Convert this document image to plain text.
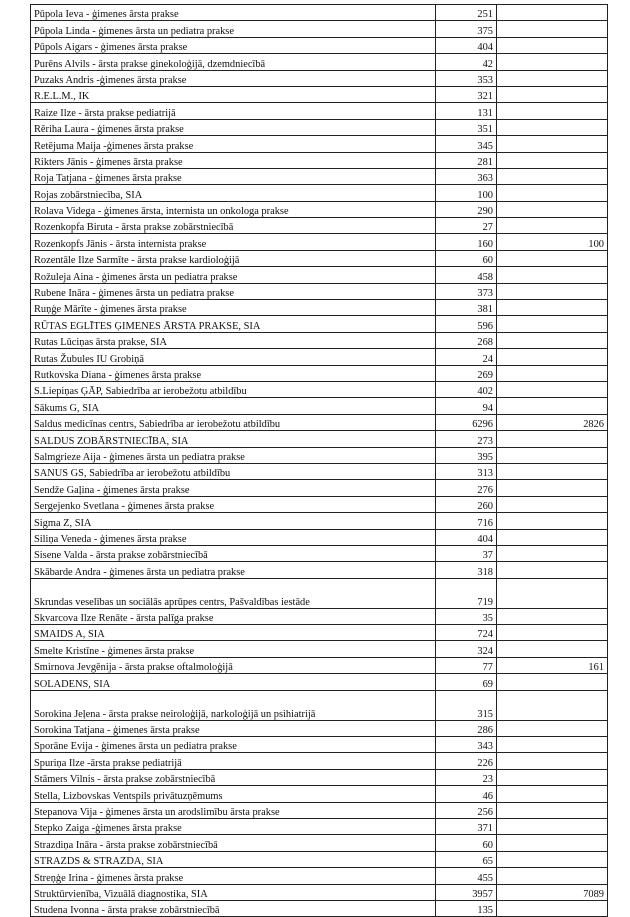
Pūpola Ieva - ģimenes ārsta prakse	251	
Pūpola Linda - ģimenes ārsta un pediatra prakse	375	
Pūpols Aigars - ģimenes ārsta prakse	404	
Purēns Alvils - ārsta prakse ginekoloģijā, dzemdniecībā	42	
Puzaks Andris -ģimenes ārsta prakse	353	
R.E.L.M., IK	321	
Raize Ilze - ārsta prakse pediatrijā	131	
Rēriha Laura - ģimenes ārsta prakse	351	
Retējuma Maija -ģimenes ārsta prakse	345	
Rikters Jānis - ģimenes ārsta prakse	281	
Roja Tatjana - ģimenes ārsta prakse	363	
Rojas zobārstniecība, SIA	100	
Rolava Videga - ģimenes ārsta, internista un onkologa prakse	290	
Rozenkopfa Biruta - ārsta prakse zobārstniecībā	27	
Rozenkopfs Jānis - ārsta internista prakse	160	100
Rozentāle Ilze Sarmīte - ārsta prakse kardioloģijā	60	
Rožuleja Aina - ģimenes ārsta un pediatra prakse	458	
Rubene Ināra - ģimenes ārsta un pediatra prakse	373	
Ruņģe Mārīte - ģimenes ārsta prakse	381	
RŪTAS EGLĪTES ĢIMENES ĀRSTA PRAKSE, SIA	596	
Rutas Lūciņas ārsta prakse, SIA	268	
Rutas Žubules IU Grobiņā	24	
Rutkovska Diana - ģimenes ārsta prakse	269	
S.Liepiņas ĢĀP, Sabiedrība ar ierobežotu atbildību	402	
Sākums G, SIA	94	
Saldus medicīnas centrs, Sabiedrība ar ierobežotu atbildību	6296	2826
SALDUS ZOBĀRSTNIECĪBA, SIA	273	
Salmgrieze Aija - ģimenes ārsta un pediatra prakse	395	
SANUS GS, Sabiedrība ar ierobežotu atbildību	313	
Sendže Gaļina - ģimenes ārsta prakse	276	
Sergejenko Svetlana - ģimenes ārsta prakse	260	
Sigma Z, SIA	716	
Siliņa Veneda - ģimenes ārsta prakse	404	
Sisene Valda - ārsta prakse zobārstniecībā	37	
Skābarde Andra - ģimenes ārsta un pediatra prakse	318	
Skrundas veselības un sociālās aprūpes centrs, Pašvaldības iestāde	719	
Skvarcova Ilze Renāte - ārsta palīga prakse	35	
SMAIDS A, SIA	724	
Smelte Kristīne - ģimenes ārsta prakse	324	
Smirnova Jevgēnija - ārsta prakse oftalmoloģijā	77	161
SOLADENS, SIA	69	
Sorokina Jeļena - ārsta prakse neiroloģijā, narkoloģijā un psihiatrijā	315	
Sorokina Tatjana - ģimenes ārsta prakse	286	
Sporāne Evija - ģimenes ārsta un pediatra prakse	343	
Spuriņa Ilze -ārsta prakse pediatrijā	226	
Stāmers Vilnis - ārsta prakse zobārstniecībā	23	
Stella, Lizbovskas Ventspils privātuzņēmums	46	
Stepanova Vija - ģimenes ārsta un arodslimību ārsta prakse	256	
Stepko Zaiga -ģimenes ārsta prakse	371	
Strazdiņa Ināra - ārsta prakse zobārstniecībā	60	
STRAZDS & STRAZDA, SIA	65	
Streņģe Irina - ģimenes ārsta prakse	455	
Struktūrvienība, Vizuālā diagnostika, SIA	3957	7089
Studena Ivonna - ārsta prakse zobārstniecībā	135	
